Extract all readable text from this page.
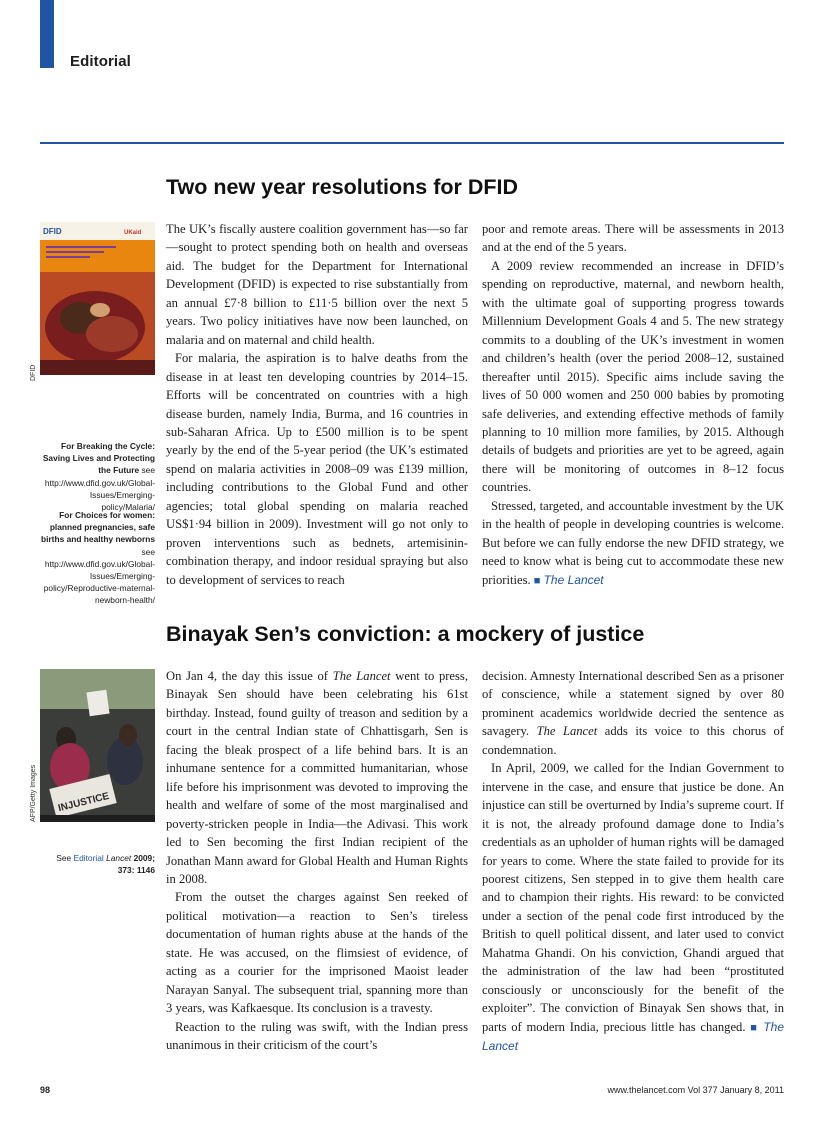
Editorial
Two new year resolutions for DFID
DFID	UKaid
DFID
For Breaking the Cycle: Saving Lives and Protecting the Future see http://www.dfid.gov.uk/Global-Issues/Emerging-policy/Malaria/
For Choices for women: planned pregnancies, safe births and healthy newborns see http://www.dfid.gov.uk/Global-Issues/Emerging-policy/Reproductive-maternal-newborn-health/

The UK’s fiscally austere coalition government has—so far—sought to protect spending both on health and overseas aid. The budget for the Department for International Development (DFID) is expected to rise substantially from an annual £7·8 billion to £11·5 billion over the next 5 years. Two policy initiatives have now been launched, on malaria and on maternal and child health.

For malaria, the aspiration is to halve deaths from the disease in at least ten developing countries by 2014–15. Efforts will be concentrated on countries with a high disease burden, namely India, Burma, and 16 countries in sub-Saharan Africa. Up to £500 million is to be spent yearly by the end of the 5-year period (the UK’s estimated spend on malaria activities in 2008–09 was £139 million, including contributions to the Global Fund and other agencies; total global spending on malaria reached US$1·94 billion in 2009). Investment will go not only to proven interventions such as bednets, artemisinin-combination therapy, and indoor residual spraying but also to development of services to reach

poor and remote areas. There will be assessments in 2013 and at the end of the 5 years.

A 2009 review recommended an increase in DFID’s spending on reproductive, maternal, and newborn health, with the ultimate goal of supporting progress towards Millennium Development Goals 4 and 5. The new strategy commits to a doubling of the UK’s investment in women and children’s health (over the period 2008–12, sustained thereafter until 2015). Specific aims include saving the lives of 50 000 women and 250 000 babies by promoting safe deliveries, and extending effective methods of family planning to 10 million more families, by 2015. Although details of budgets and priorities are yet to be agreed, again there will be monitoring of outcomes in 8–12 focus countries.

Stressed, targeted, and accountable investment by the UK in the health of people in developing countries is welcome. But before we can fully endorse the new DFID strategy, we need to know what is being cut to accommodate these new priorities. ■ The Lancet

Binayak Sen’s conviction: a mockery of justice
INJUSTICE
AFP/Getty Images
See Editorial Lancet 2009; 373: 1146

On Jan 4, the day this issue of The Lancet went to press, Binayak Sen should have been celebrating his 61st birthday. Instead, found guilty of treason and sedition by a court in the central Indian state of Chhattisgarh, Sen is facing the bleak prospect of a life behind bars. It is an inhumane sentence for a committed humanitarian, whose life before his imprisonment was devoted to improving the health and welfare of some of the most marginalised and poverty-stricken people in India—the Adivasi. This work led to Sen becoming the first Indian recipient of the Jonathan Mann award for Global Health and Human Rights in 2008.

From the outset the charges against Sen reeked of political motivation—a reaction to Sen’s tireless documentation of human rights abuse at the hands of the state. He was accused, on the flimsiest of evidence, of acting as a courier for the imprisoned Maoist leader Narayan Sanyal. The subsequent trial, spanning more than 3 years, was Kafkaesque. Its conclusion is a travesty.

Reaction to the ruling was swift, with the Indian press unanimous in their criticism of the court’s

decision. Amnesty International described Sen as a prisoner of conscience, while a statement signed by over 80 prominent academics worldwide decried the sentence as savagery. The Lancet adds its voice to this chorus of condemnation.

In April, 2009, we called for the Indian Government to intervene in the case, and ensure that justice be done. An injustice can still be overturned by India’s supreme court. If it is not, the already profound damage done to India’s credentials as an upholder of human rights will be damaged for years to come. Where the state failed to provide for its poorest citizens, Sen stepped in to give them health care and to champion their rights. His reward: to be convicted under a section of the penal code first introduced by the British to quell political dissent, and later used to convict Mahatma Ghandi. On his conviction, Ghandi argued that the administration of the law had been “prostituted consciously or unconsciously for the benefit of the exploiter”. The conviction of Binayak Sen shows that, in parts of modern India, precious little has changed. ■ The Lancet

98	www.thelancet.com Vol 377 January 8, 2011
